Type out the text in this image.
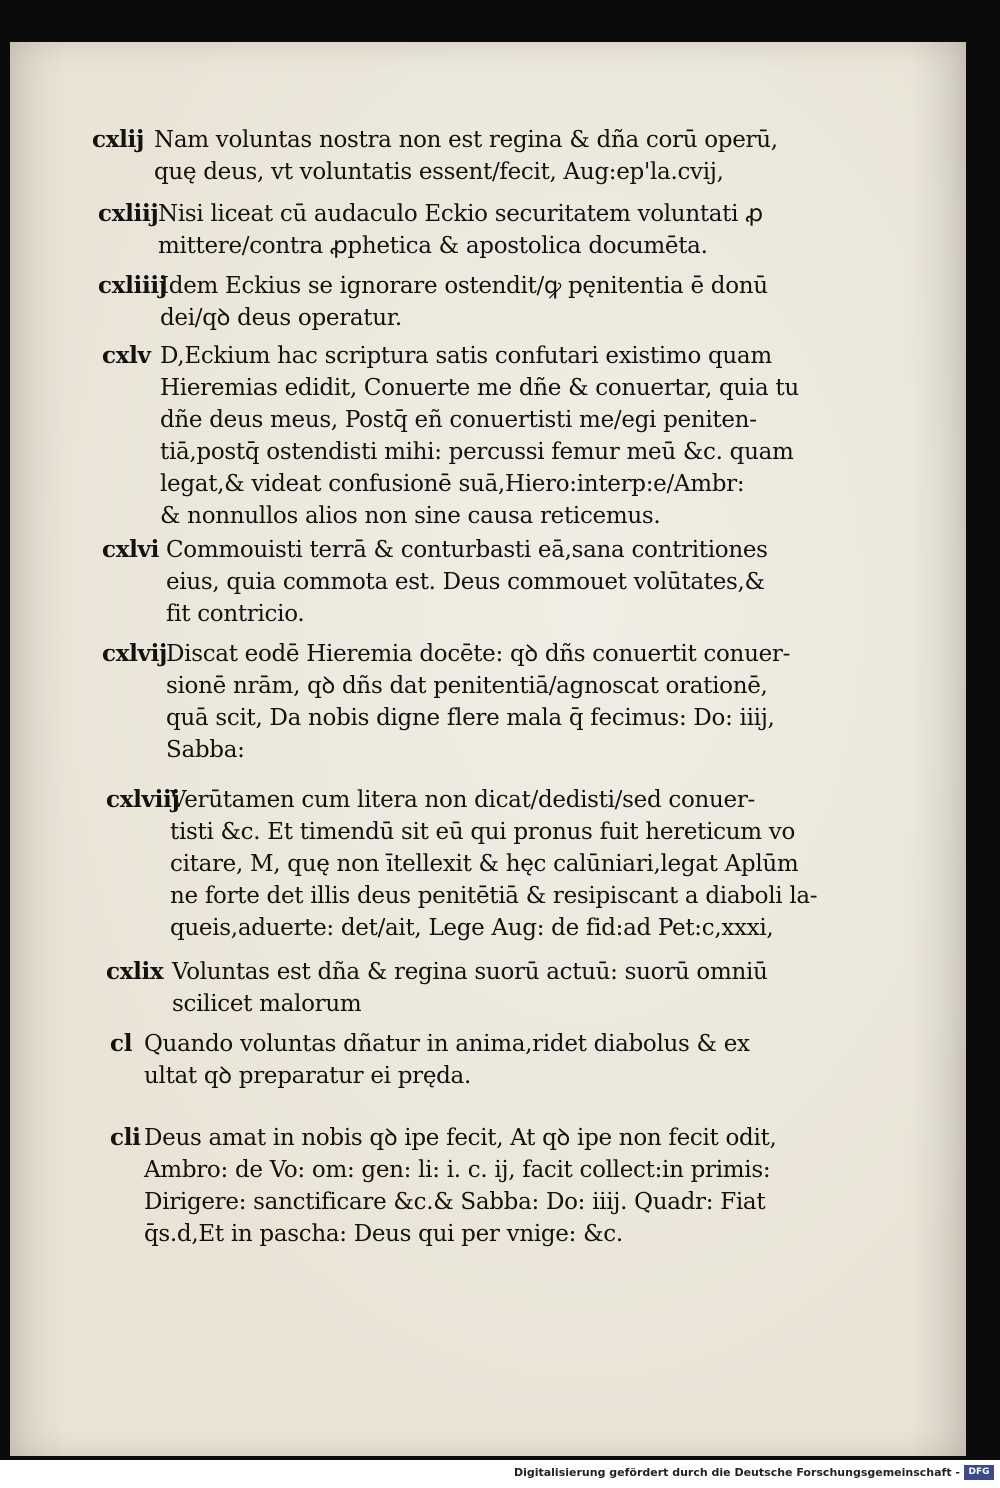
cxlij Nam voluntas nostra non est regina & dña corū operū,
quę deus, vt voluntatis essent/fecit, Aug:ep'la.cvij,
cxliij Nisi liceat cū audaculo Eckio securitatem voluntati ꝓ
mittere/contra ꝓphetica & apostolica documēta.
cxliiij
Idem Eckius se ignorare ostendit/ꝙ pęnitentia ē donū
dei/qꝺ deus operatur.
cxlv D,Eckium hac scriptura satis confutari existimo quam
Hieremias edidit, Conuerte me dñe & conuertar, quia tu
dñe deus meus, Postq̄ eñ conuertisti me/egi peniten-
tiā,postq̄ ostendisti mihi: percussi femur meū &c. quam
legat,& videat confusionē suā,Hiero:interp:e/Ambr:
& nonnullos alios non sine causa reticemus.
cxlvi Commouisti terrā & conturbasti eā,sana contritiones
eius, quia commota est. Deus commouet volūtates,&
fit contricio.
cxlvij
Discat eodē Hieremia docēte: qꝺ dñs conuertit conuer-
sionē nrām, qꝺ dñs dat penitentiā/agnoscat orationē,
quā scit, Da nobis digne flere mala q̄ fecimus: Do: iiij,
Sabba:
cxlviij
Verūtamen cum litera non dicat/dedisti/sed conuer-
tisti &c. Et timendū sit eū qui pronus fuit hereticum vo
citare, M, quę non ītellexit & hęc calūniari,legat Aplūm
ne forte det illis deus penitētiā & resipiscant a diaboli la-
queis,aduerte: det/ait, Lege Aug: de fid:ad Pet:c,xxxi,
cxlix Voluntas est dña & regina suorū actuū: suorū omniū
scilicet malorum
cl Quando voluntas dñatur in anima,ridet diabolus & ex
ultat qꝺ preparatur ei pręda.
cli Deus amat in nobis qꝺ ipe fecit, At qꝺ ipe non fecit odit,
Ambro: de Vo: om: gen: li: i. c. ij, facit collect:in primis:
Dirigere: sanctificare &c.& Sabba: Do: iiij. Quadr: Fiat
q̄s.d,Et in pascha: Deus qui per vnige: &c.
Digitalisierung gefördert durch die Deutsche Forschungsgemeinschaft - DFG
